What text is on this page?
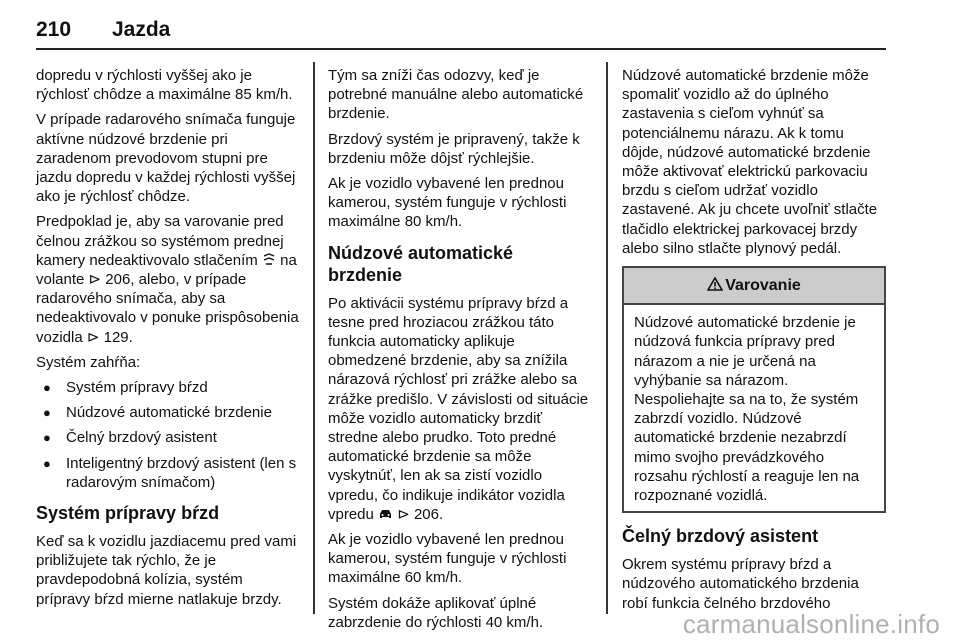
210 Jazda

dopredu v rýchlosti vyššej ako je rýchlosť chôdze a maximálne 85 km/h.

V prípade radarového snímača funguje aktívne núdzové brzdenie pri zaradenom prevodovom stupni pre jazdu dopredu v každej rýchlosti vyššej ako je rýchlosť chôdze.

Predpoklad je, aby sa varovanie pred čelnou zrážkou so systémom prednej kamery nedeaktivovalo stlačením  na volante ⊳ 206, alebo, v prípade radarového snímača, aby sa nedeaktivovalo v ponuke prispôsobenia vozidla ⊳ 129.

Systém zahŕňa:

● Systém prípravy bŕzd
● Núdzové automatické brzdenie
● Čelný brzdový asistent
● Inteligentný brzdový asistent (len s radarovým snímačom)
Systém prípravy bŕzd

Keď sa k vozidlu jazdiacemu pred vami približujete tak rýchlo, že je pravdepodobná kolízia, systém prípravy bŕzd mierne natlakuje brzdy.

Tým sa zníži čas odozvy, keď je potrebné manuálne alebo automatické brzdenie.

Brzdový systém je pripravený, takže k brzdeniu môže dôjsť rýchlejšie.

Ak je vozidlo vybavené len prednou kamerou, systém funguje v rýchlosti maximálne 80 km/h.

Núdzové automatické brzdenie

Po aktivácii systému prípravy bŕzd a tesne pred hroziacou zrážkou táto funkcia automaticky aplikuje obmedzené brzdenie, aby sa znížila nárazová rýchlosť pri zrážke alebo sa zrážke predišlo. V závislosti od situácie môže vozidlo automaticky brzdiť stredne alebo prudko. Toto predné automatické brzdenie sa môže vyskytnúť, len ak sa zistí vozidlo vpredu, čo indikuje indikátor vozidla vpredu  ⊳ 206.

Ak je vozidlo vybavené len prednou kamerou, systém funguje v rýchlosti maximálne 60 km/h.

Systém dokáže aplikovať úplné zabrzdenie do rýchlosti 40 km/h.

Núdzové automatické brzdenie môže spomaliť vozidlo až do úplného zastavenia s cieľom vyhnúť sa potenciálnemu nárazu. Ak k tomu dôjde, núdzové automatické brzdenie môže aktivovať elektrickú parkovaciu brzdu s cieľom udržať vozidlo zastavené. Ak ju chcete uvoľniť stlačte tlačidlo elektrickej parkovacej brzdy alebo silno stlačte plynový pedál.

Varovanie
Núdzové automatické brzdenie je núdzová funkcia prípravy pred nárazom a nie je určená na vyhýbanie sa nárazom. Nespoliehajte sa na to, že systém zabrzdí vozidlo. Núdzové automatické brzdenie nezabrzdí mimo svojho prevádzkového rozsahu rýchlostí a reaguje len na rozpoznané vozidlá.
Čelný brzdový asistent

Okrem systému prípravy bŕzd a núdzového automatického brzdenia robí funkcia čelného brzdového

carmanualsonline.info
